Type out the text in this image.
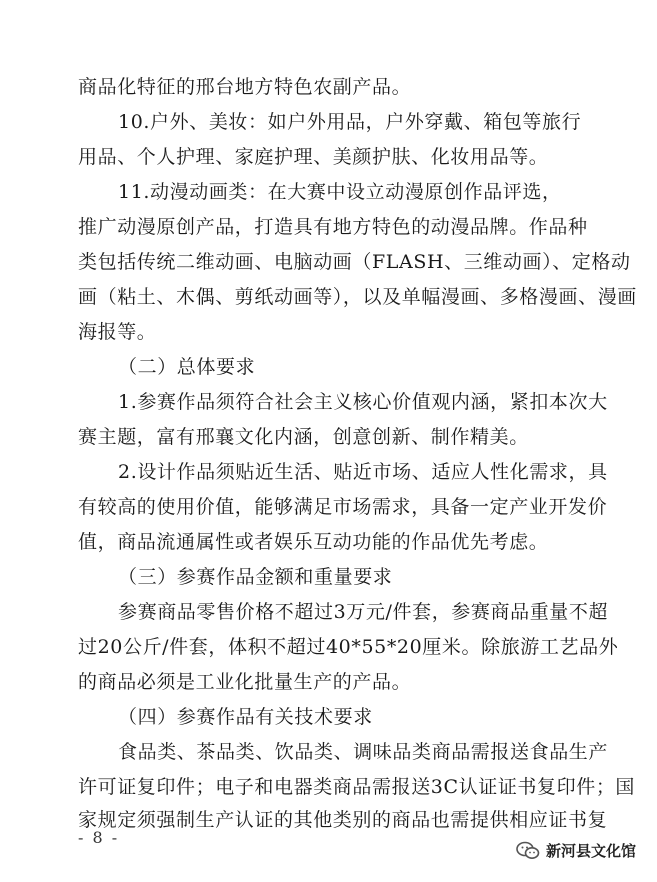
商品化特征的邢台地方特色农副产品。
10.户外、美妆：如户外用品，户外穿戴、箱包等旅行
用品、个人护理、家庭护理、美颜护肤、化妆用品等。
11.动漫动画类：在大赛中设立动漫原创作品评选，
推广动漫原创产品，打造具有地方特色的动漫品牌。作品种
类包括传统二维动画、电脑动画（FLASH、三维动画）、定格动
画（粘土、木偶、剪纸动画等），以及单幅漫画、多格漫画、漫画
海报等。
（二）总体要求
1.参赛作品须符合社会主义核心价值观内涵，紧扣本次大
赛主题，富有邢襄文化内涵，创意创新、制作精美。
2.设计作品须贴近生活、贴近市场、适应人性化需求，具
有较高的使用价值，能够满足市场需求，具备一定产业开发价
值，商品流通属性或者娱乐互动功能的作品优先考虑。
（三）参赛作品金额和重量要求
参赛商品零售价格不超过3万元/件套，参赛商品重量不超
过20公斤/件套，体积不超过40*55*20厘米。除旅游工艺品外
的商品必须是工业化批量生产的产品。
（四）参赛作品有关技术要求
食品类、茶品类、饮品类、调味品类商品需报送食品生产
许可证复印件；电子和电器类商品需报送3C认证证书复印件；国
家规定须强制生产认证的其他类别的商品也需提供相应证书复
- 8 -
新河县文化馆
